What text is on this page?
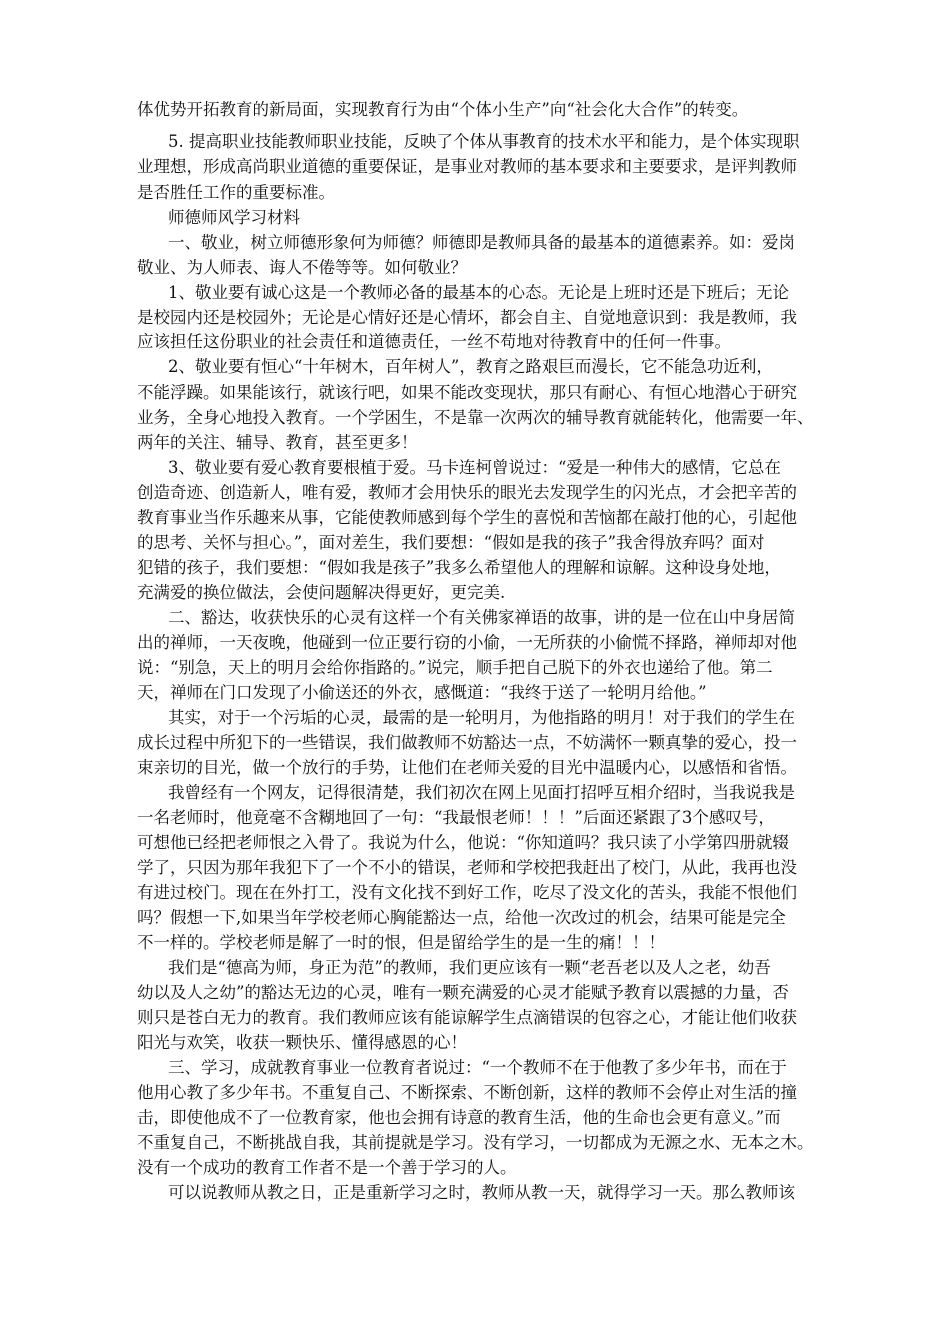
体优势开拓教育的新局面，实现教育行为由“个体小生产”向“社会化大合作”的转变。
5. 提高职业技能教师职业技能，反映了个体从事教育的技术水平和能力，是个体实现职
业理想，形成高尚职业道德的重要保证，是事业对教师的基本要求和主要要求，是评判教师
是否胜任工作的重要标准。
师德师风学习材料
一、敬业，树立师德形象何为师德？师德即是教师具备的最基本的道德素养。如：爱岗
敬业、为人师表、诲人不倦等等。如何敬业？
1、敬业要有诚心这是一个教师必备的最基本的心态。无论是上班时还是下班后；无论
是校园内还是校园外；无论是心情好还是心情坏，都会自主、自觉地意识到：我是教师，我
应该担任这份职业的社会责任和道德责任，一丝不苟地对待教育中的任何一件事。
2、敬业要有恒心“十年树木，百年树人”，教育之路艰巨而漫长，它不能急功近利，
不能浮躁。如果能该行，就该行吧，如果不能改变现状，那只有耐心、有恒心地潜心于研究
业务，全身心地投入教育。一个学困生，不是靠一次两次的辅导教育就能转化，他需要一年、
两年的关注、辅导、教育，甚至更多！
3、敬业要有爱心教育要根植于爱。马卡连柯曾说过：“爱是一种伟大的感情，它总在
创造奇迹、创造新人，唯有爱，教师才会用快乐的眼光去发现学生的闪光点，才会把辛苦的
教育事业当作乐趣来从事，它能使教师感到每个学生的喜悦和苦恼都在敲打他的心，引起他
的思考、关怀与担心。”，面对差生，我们要想：“假如是我的孩子”我舍得放弃吗？面对
犯错的孩子，我们要想：“假如我是孩子”我多么希望他人的理解和谅解。这种设身处地，
充满爱的换位做法，会使问题解决得更好，更完美.
二、豁达，收获快乐的心灵有这样一个有关佛家禅语的故事，讲的是一位在山中身居简
出的禅师，一天夜晚，他碰到一位正要行窃的小偷，一无所获的小偷慌不择路，禅师却对他
说：“别急，天上的明月会给你指路的。”说完，顺手把自己脱下的外衣也递给了他。第二
天，禅师在门口发现了小偷送还的外衣，感慨道：“我终于送了一轮明月给他。”
其实，对于一个污垢的心灵，最需的是一轮明月，为他指路的明月！对于我们的学生在
成长过程中所犯下的一些错误，我们做教师不妨豁达一点，不妨满怀一颗真挚的爱心，投一
束亲切的目光，做一个放行的手势，让他们在老师关爱的目光中温暖内心，以感悟和省悟。
我曾经有一个网友，记得很清楚，我们初次在网上见面打招呼互相介绍时，当我说我是
一名老师时，他竟毫不含糊地回了一句：“我最恨老师！！！”后面还紧跟了3个感叹号，
可想他已经把老师恨之入骨了。我说为什么，他说：“你知道吗？我只读了小学第四册就辍
学了，只因为那年我犯下了一个不小的错误，老师和学校把我赶出了校门，从此，我再也没
有进过校门。现在在外打工，没有文化找不到好工作，吃尽了没文化的苦头，我能不恨他们
吗？假想一下,如果当年学校老师心胸能豁达一点，给他一次改过的机会，结果可能是完全
不一样的。学校老师是解了一时的恨，但是留给学生的是一生的痛！！！
我们是“德高为师，身正为范”的教师，我们更应该有一颗“老吾老以及人之老，幼吾
幼以及人之幼”的豁达无边的心灵，唯有一颗充满爱的心灵才能赋予教育以震撼的力量，否
则只是苍白无力的教育。我们教师应该有能谅解学生点滴错误的包容之心，才能让他们收获
阳光与欢笑，收获一颗快乐、懂得感恩的心！
三、学习，成就教育事业一位教育者说过：“一个教师不在于他教了多少年书，而在于
他用心教了多少年书。不重复自己、不断探索、不断创新，这样的教师不会停止对生活的撞
击，即使他成不了一位教育家，他也会拥有诗意的教育生活，他的生命也会更有意义。”而
不重复自己，不断挑战自我，其前提就是学习。没有学习，一切都成为无源之水、无本之木。
没有一个成功的教育工作者不是一个善于学习的人。
可以说教师从教之日，正是重新学习之时，教师从教一天，就得学习一天。那么教师该
